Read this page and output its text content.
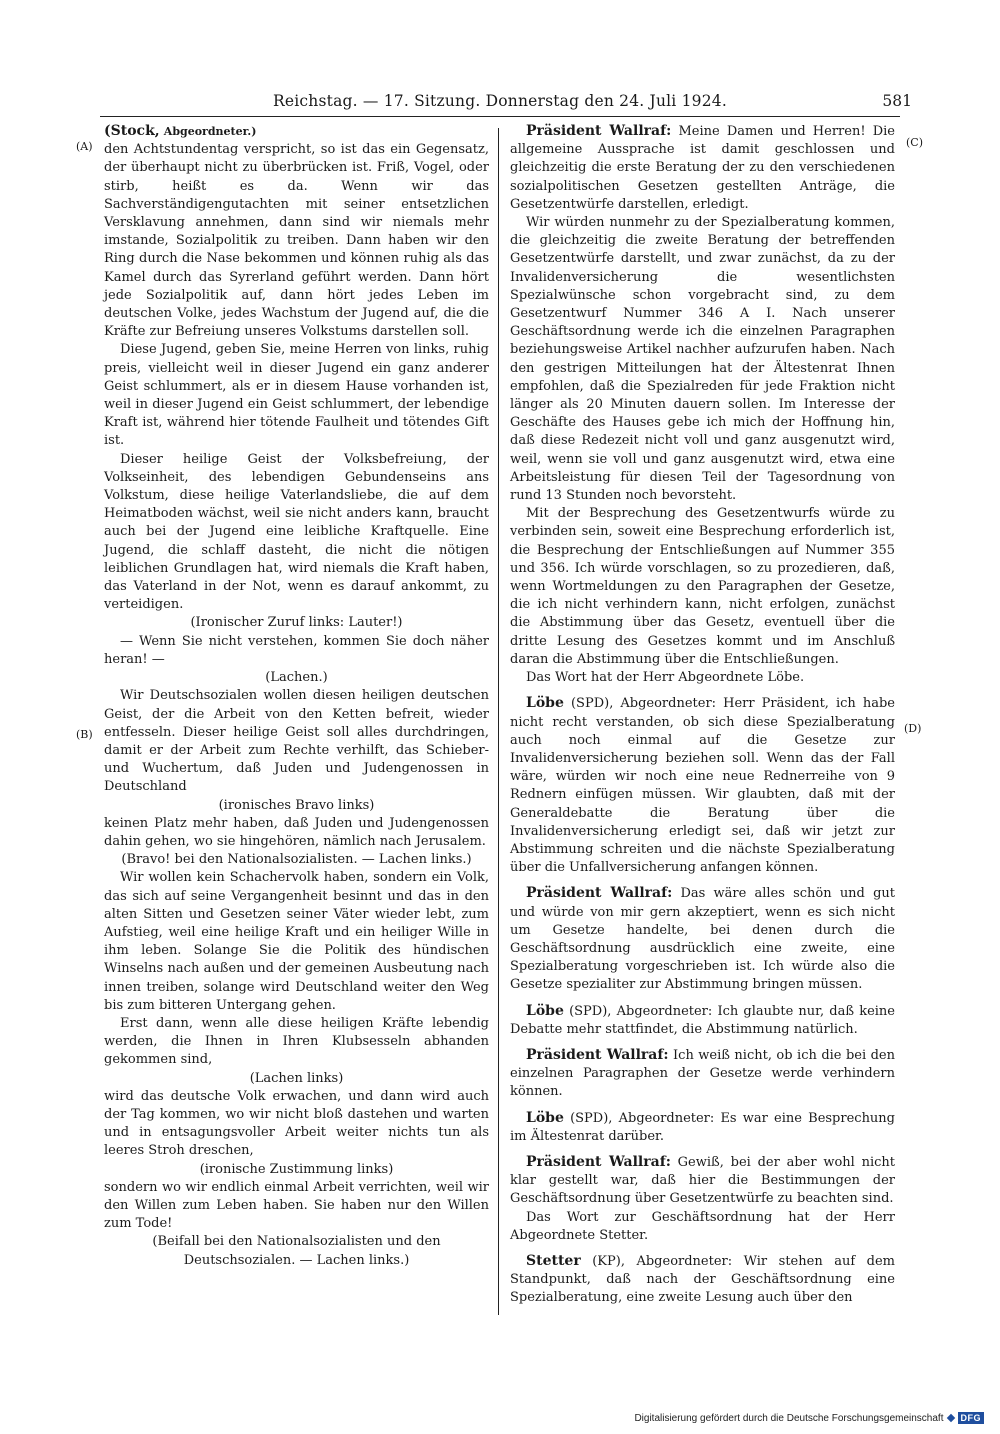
Reichstag. — 17. Sitzung. Donnerstag den 24. Juli 1924.	581
(A)
(B)
(C)
(D)

(Stock, Abgeordneter.)

den Achtstundentag verspricht, so ist das ein Gegensatz, der überhaupt nicht zu überbrücken ist. Friß, Vogel, oder stirb, heißt es da. Wenn wir das Sachverständigengutachten mit seiner entsetzlichen Versklavung annehmen, dann sind wir niemals mehr imstande, Sozialpolitik zu treiben. Dann haben wir den Ring durch die Nase bekommen und können ruhig als das Kamel durch das Syrerland geführt werden. Dann hört jede Sozialpolitik auf, dann hört jedes Leben im deutschen Volke, jedes Wachstum der Jugend auf, die die Kräfte zur Befreiung unseres Volkstums darstellen soll.

Diese Jugend, geben Sie, meine Herren von links, ruhig preis, vielleicht weil in dieser Jugend ein ganz anderer Geist schlummert, als er in diesem Hause vorhanden ist, weil in dieser Jugend ein Geist schlummert, der lebendige Kraft ist, während hier tötende Faulheit und tötendes Gift ist.

Dieser heilige Geist der Volksbefreiung, der Volkseinheit, des lebendigen Gebundenseins ans Volkstum, diese heilige Vaterlandsliebe, die auf dem Heimatboden wächst, weil sie nicht anders kann, braucht auch bei der Jugend eine leibliche Kraftquelle. Eine Jugend, die schlaff dasteht, die nicht die nötigen leiblichen Grundlagen hat, wird niemals die Kraft haben, das Vaterland in der Not, wenn es darauf ankommt, zu verteidigen.

(Ironischer Zuruf links: Lauter!)

— Wenn Sie nicht verstehen, kommen Sie doch näher heran! —

(Lachen.)

Wir Deutschsozialen wollen diesen heiligen deutschen Geist, der die Arbeit von den Ketten befreit, wieder entfesseln. Dieser heilige Geist soll alles durchdringen, damit er der Arbeit zum Rechte verhilft, das Schieber- und Wuchertum, daß Juden und Judengenossen in Deutschland

(ironisches Bravo links)

keinen Platz mehr haben, daß Juden und Judengenossen dahin gehen, wo sie hingehören, nämlich nach Jerusalem.

(Bravo! bei den Nationalsozialisten. — Lachen links.)

Wir wollen kein Schachervolk haben, sondern ein Volk, das sich auf seine Vergangenheit besinnt und das in den alten Sitten und Gesetzen seiner Väter wieder lebt, zum Aufstieg, weil eine heilige Kraft und ein heiliger Wille in ihm leben. Solange Sie die Politik des hündischen Winselns nach außen und der gemeinen Ausbeutung nach innen treiben, solange wird Deutschland weiter den Weg bis zum bitteren Untergang gehen.

Erst dann, wenn alle diese heiligen Kräfte lebendig werden, die Ihnen in Ihren Klubsesseln abhanden gekommen sind,

(Lachen links)

wird das deutsche Volk erwachen, und dann wird auch der Tag kommen, wo wir nicht bloß dastehen und warten und in entsagungsvoller Arbeit weiter nichts tun als leeres Stroh dreschen,

(ironische Zustimmung links)

sondern wo wir endlich einmal Arbeit verrichten, weil wir den Willen zum Leben haben. Sie haben nur den Willen zum Tode!

(Beifall bei den Nationalsozialisten und den Deutschsozialen. — Lachen links.)

Präsident Wallraf: Meine Damen und Herren! Die allgemeine Aussprache ist damit geschlossen und gleichzeitig die erste Beratung der zu den verschiedenen sozialpolitischen Gesetzen gestellten Anträge, die Gesetzentwürfe darstellen, erledigt.

Wir würden nunmehr zu der Spezialberatung kommen, die gleichzeitig die zweite Beratung der betreffenden Gesetzentwürfe darstellt, und zwar zunächst, da zu der Invalidenversicherung die wesentlichsten Spezialwünsche schon vorgebracht sind, zu dem Gesetzentwurf Nummer 346 A I. Nach unserer Geschäftsordnung werde ich die einzelnen Paragraphen beziehungsweise Artikel nachher aufzurufen haben. Nach den gestrigen Mitteilungen hat der Ältestenrat Ihnen empfohlen, daß die Spezialreden für jede Fraktion nicht länger als 20 Minuten dauern sollen. Im Interesse der Geschäfte des Hauses gebe ich mich der Hoffnung hin, daß diese Redezeit nicht voll und ganz ausgenutzt wird, weil, wenn sie voll und ganz ausgenutzt wird, etwa eine Arbeitsleistung für diesen Teil der Tagesordnung von rund 13 Stunden noch bevorsteht.

Mit der Besprechung des Gesetzentwurfs würde zu verbinden sein, soweit eine Besprechung erforderlich ist, die Besprechung der Entschließungen auf Nummer 355 und 356. Ich würde vorschlagen, so zu prozedieren, daß, wenn Wortmeldungen zu den Paragraphen der Gesetze, die ich nicht verhindern kann, nicht erfolgen, zunächst die Abstimmung über das Gesetz, eventuell über die dritte Lesung des Gesetzes kommt und im Anschluß daran die Abstimmung über die Entschließungen.

Das Wort hat der Herr Abgeordnete Löbe.

Löbe (SPD), Abgeordneter: Herr Präsident, ich habe nicht recht verstanden, ob sich diese Spezialberatung auch noch einmal auf die Gesetze zur Invalidenversicherung beziehen soll. Wenn das der Fall wäre, würden wir noch eine neue Rednerreihe von 9 Rednern einfügen müssen. Wir glaubten, daß mit der Generaldebatte die Beratung über die Invalidenversicherung erledigt sei, daß wir jetzt zur Abstimmung schreiten und die nächste Spezialberatung über die Unfallversicherung anfangen können.

Präsident Wallraf: Das wäre alles schön und gut und würde von mir gern akzeptiert, wenn es sich nicht um Gesetze handelte, bei denen durch die Geschäftsordnung ausdrücklich eine zweite, eine Spezialberatung vorgeschrieben ist. Ich würde also die Gesetze spezialiter zur Abstimmung bringen müssen.

Löbe (SPD), Abgeordneter: Ich glaubte nur, daß keine Debatte mehr stattfindet, die Abstimmung natürlich.

Präsident Wallraf: Ich weiß nicht, ob ich die bei den einzelnen Paragraphen der Gesetze werde verhindern können.

Löbe (SPD), Abgeordneter: Es war eine Besprechung im Ältestenrat darüber.

Präsident Wallraf: Gewiß, bei der aber wohl nicht klar gestellt war, daß hier die Bestimmungen der Geschäftsordnung über Gesetzentwürfe zu beachten sind.

Das Wort zur Geschäftsordnung hat der Herr Abgeordnete Stetter.

Stetter (KP), Abgeordneter: Wir stehen auf dem Standpunkt, daß nach der Geschäftsordnung eine Spezialberatung, eine zweite Lesung auch über den

Digitalisierung gefördert durch die Deutsche Forschungsgemeinschaft	DFG
